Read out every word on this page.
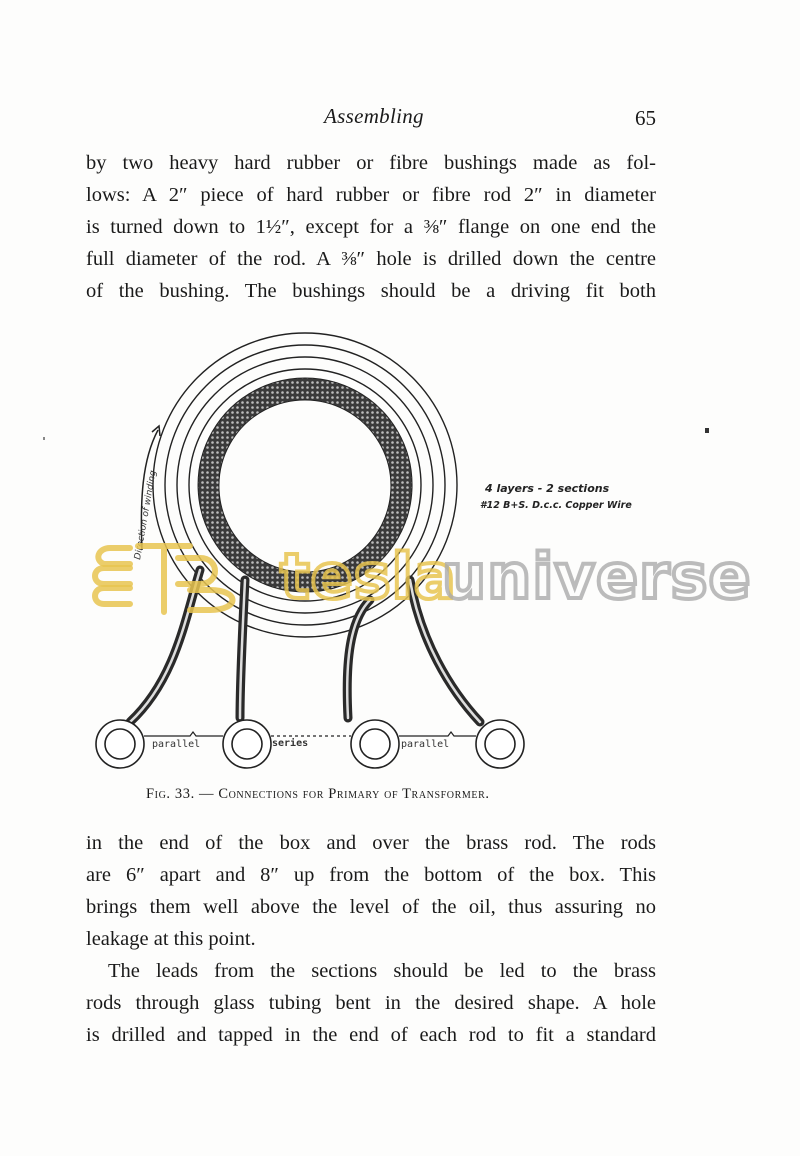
Assembling	65
by two heavy hard rubber or fibre bushings made as fol-
lows: A 2″ piece of hard rubber or fibre rod 2″ in diameter
is turned down to 1½″, except for a ⅜″ flange on one end the
full diameter of the rod. A ⅜″ hole is drilled down the centre
of the bushing. The bushings should be a driving fit both
Direction of winding	4 layers - 2 sections
#12 B+S. D.c.c. Copper Wire
parallel	series	parallel
tesla
universe
Fig. 33. — Connections for Primary of Transformer.
in the end of the box and over the brass rod. The rods
are 6″ apart and 8″ up from the bottom of the box. This
brings them well above the level of the oil, thus assuring no
leakage at this point.
The leads from the sections should be led to the brass
rods through glass tubing bent in the desired shape. A hole
is drilled and tapped in the end of each rod to fit a standard
